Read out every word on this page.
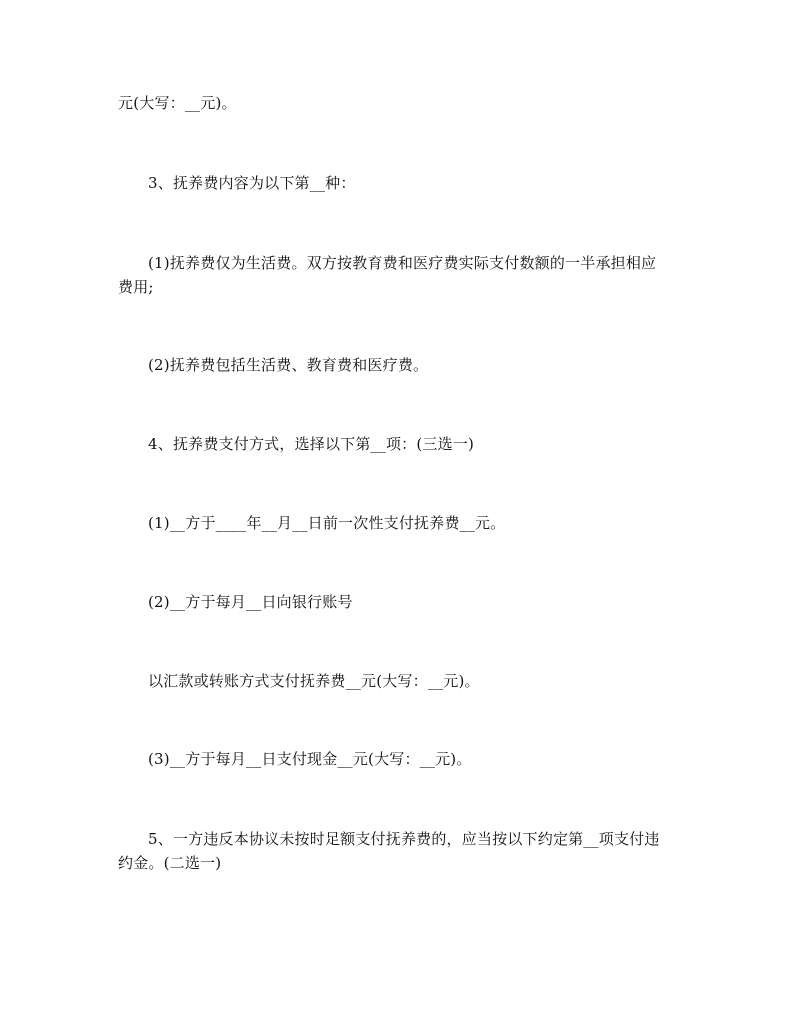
元(大写：__元)。
3、抚养费内容为以下第__种：
(1)抚养费仅为生活费。双方按教育费和医疗费实际支付数额的一半承担相应
费用;
(2)抚养费包括生活费、教育费和医疗费。
4、抚养费支付方式，选择以下第__项：(三选一)
(1)__方于____年__月__日前一次性支付抚养费__元。
(2)__方于每月__日向银行账号
以汇款或转账方式支付抚养费__元(大写：__元)。
(3)__方于每月__日支付现金__元(大写：__元)。
5、一方违反本协议未按时足额支付抚养费的，应当按以下约定第__项支付违
约金。(二选一)
